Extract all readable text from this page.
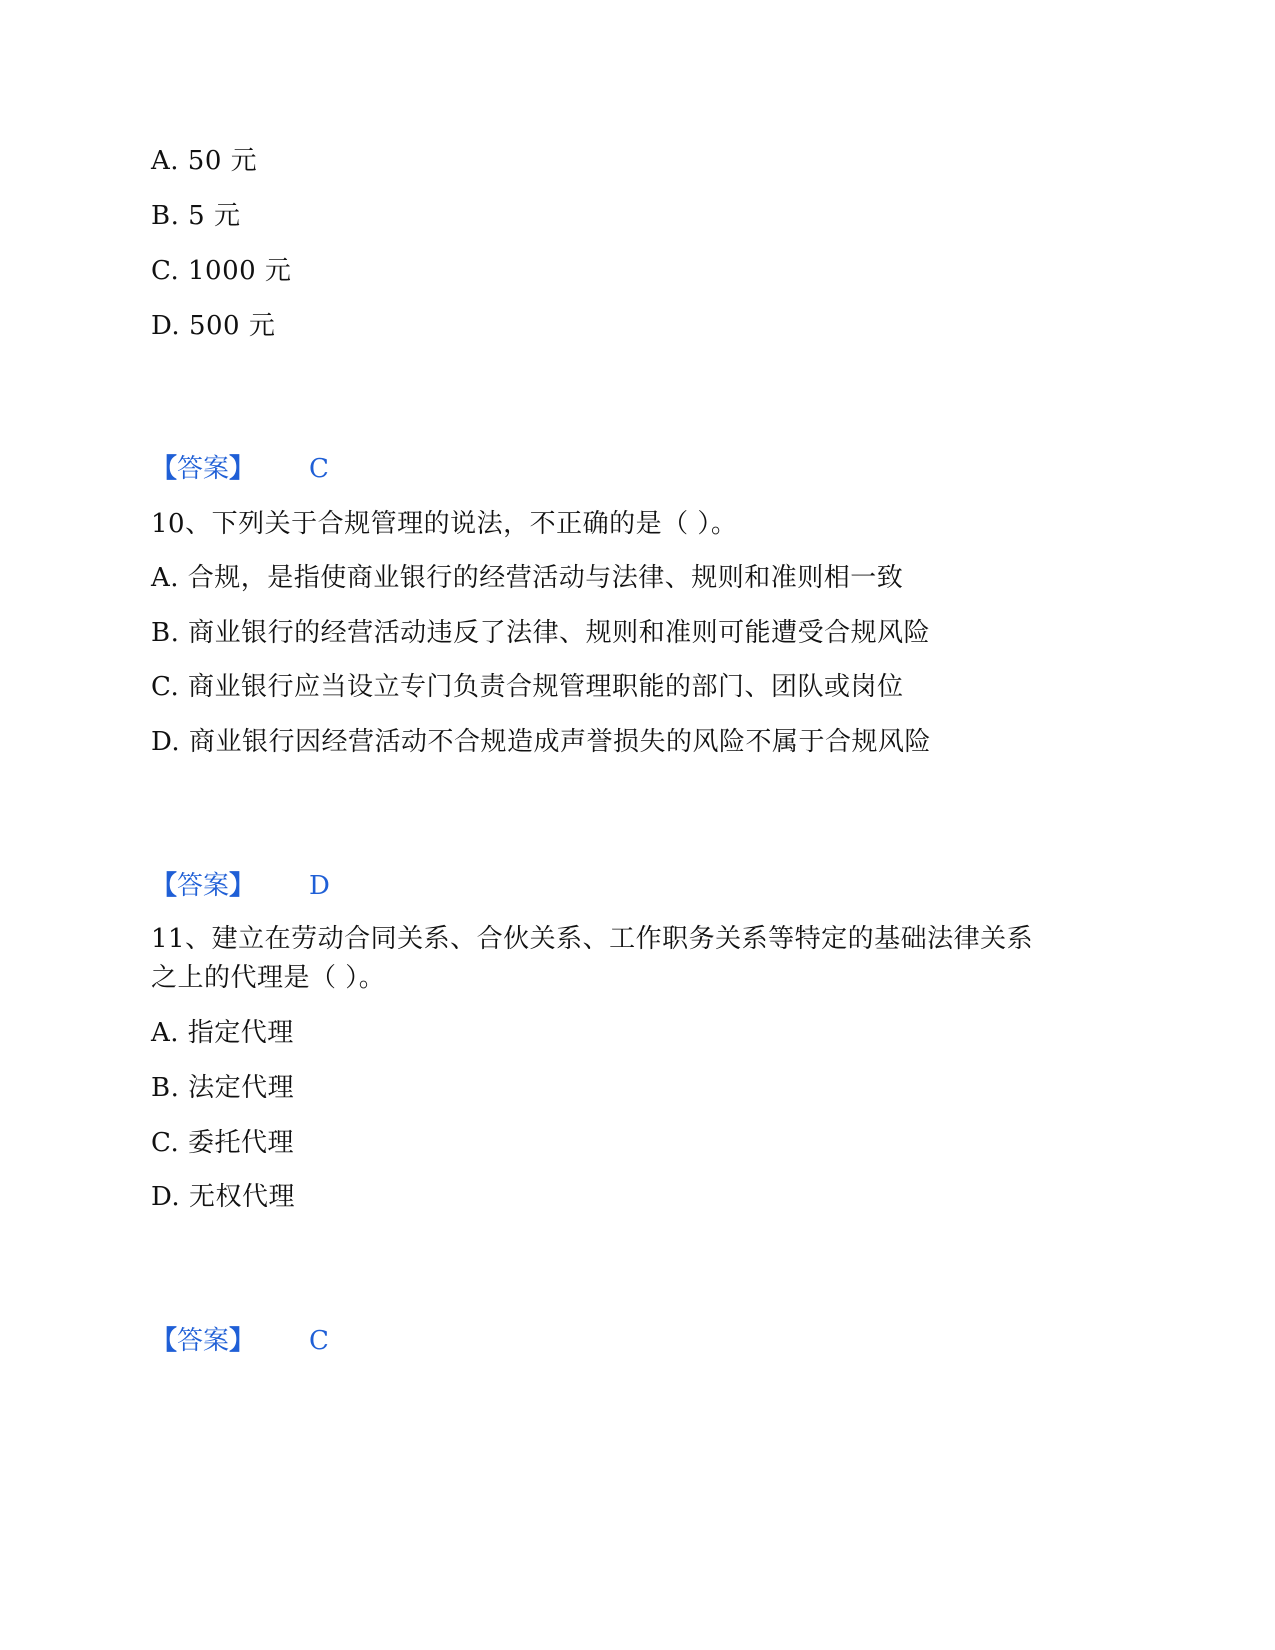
A. 50 元
B. 5 元
C. 1000 元
D. 500 元
【答案】 C
10、下列关于合规管理的说法，不正确的是（ ）。
A. 合规，是指使商业银行的经营活动与法律、规则和准则相一致
B. 商业银行的经营活动违反了法律、规则和准则可能遭受合规风险
C. 商业银行应当设立专门负责合规管理职能的部门、团队或岗位
D. 商业银行因经营活动不合规造成声誉损失的风险不属于合规风险
【答案】 D
11、建立在劳动合同关系、合伙关系、工作职务关系等特定的基础法律关系
之上的代理是（ ）。
A. 指定代理
B. 法定代理
C. 委托代理
D. 无权代理
【答案】 C
